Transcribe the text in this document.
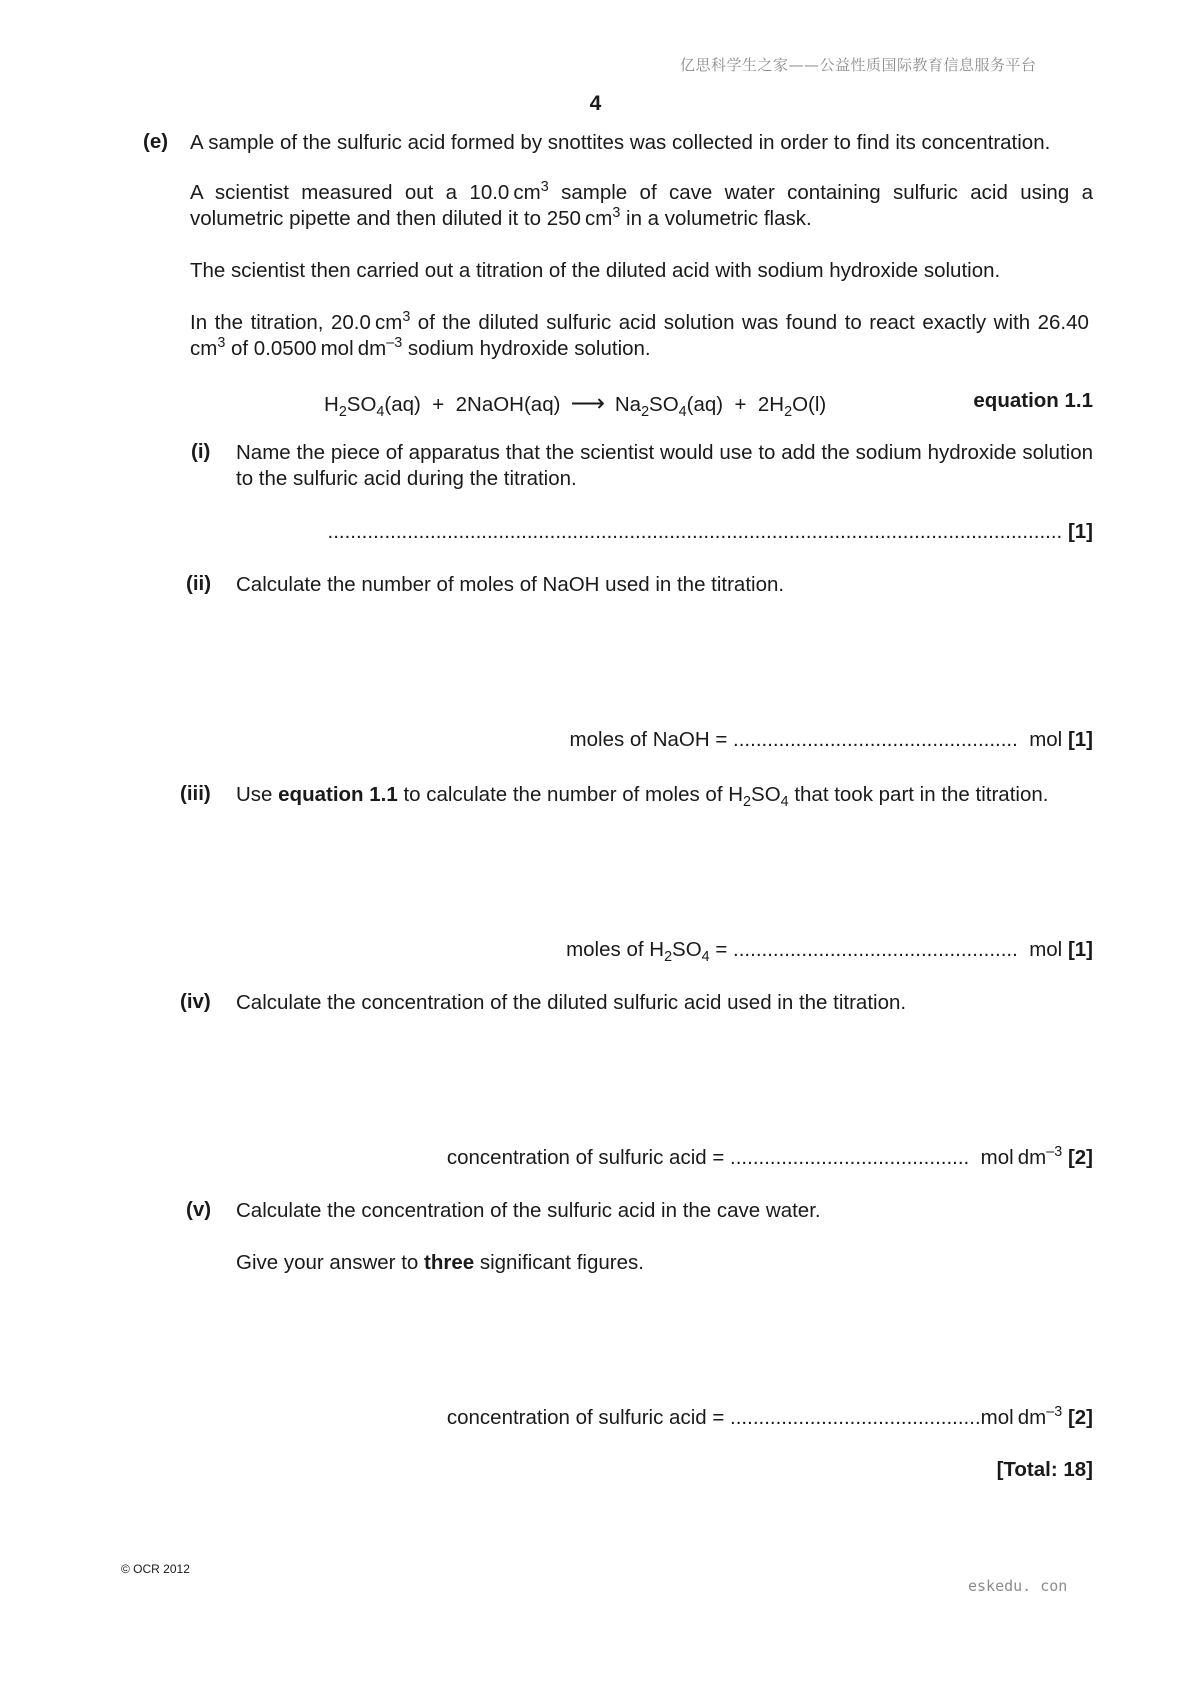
亿思科学生之家——公益性质国际教育信息服务平台
4
(e) A sample of the sulfuric acid formed by snottites was collected in order to find its concentration.
A scientist measured out a 10.0 $cm^3$ sample of cave water containing sulfuric acid using a volumetric pipette and then diluted it to 250 $cm^3$ in a volumetric flask.
The scientist then carried out a titration of the diluted acid with sodium hydroxide solution.
In the titration, 20.0 $cm^3$ of the diluted sulfuric acid solution was found to react exactly with 26.40 $cm^3$ of 0.0500 mol $dm^{-3}$ sodium hydroxide solution.
$H_2SO_4(aq)$  +  2NaOH(aq) ⟶ $Na_2SO_4(aq) + 2H_2O(l)$	equation 1.1
(i) Name the piece of apparatus that the scientist would use to add the sodium hydroxide solution to the sulfuric acid during the titration.
................................................................................................................................. [1]
(ii) Calculate the number of moles of NaOH used in the titration.
moles of NaOH = ..................................................  mol [1]
(iii) Use equation 1.1 to calculate the number of moles of $H_2SO_4$ that took part in the titration.
moles of $H_2SO_4$ = ..................................................  mol [1]
(iv) Calculate the concentration of the diluted sulfuric acid used in the titration.
concentration of sulfuric acid = ..........................................  mol $dm^{-3}$ [2]
(v) Calculate the concentration of the sulfuric acid in the cave water.
Give your answer to three significant figures.
concentration of sulfuric acid = ............................................mol $dm^{-3}$ [2]
[Total: 18]
© OCR 2012
eskedu. con
